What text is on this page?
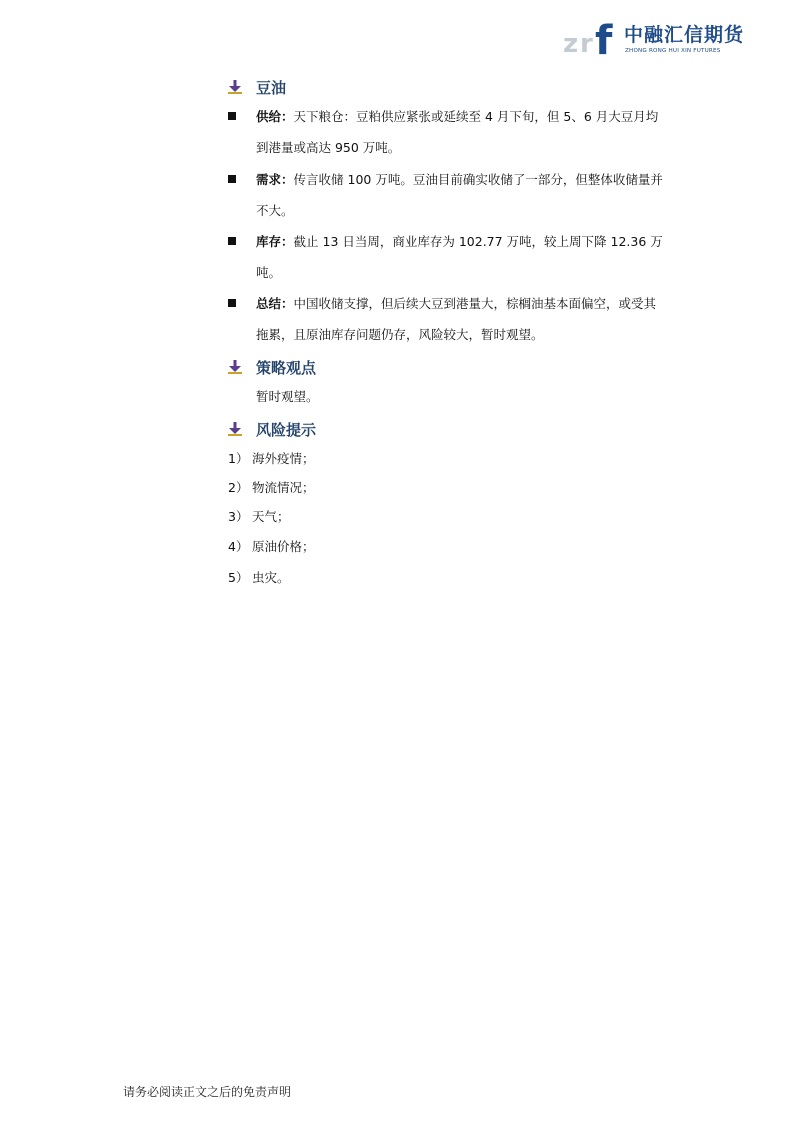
z r f 中融汇信期货
ZHONG RONG HUI XIN FUTURES
豆油
供给：天下粮仓：豆粕供应紧张或延续至 4 月下旬，但 5、6 月大豆月均到港量或高达 950 万吨。
需求：传言收储 100 万吨。豆油目前确实收储了一部分，但整体收储量并不大。
库存：截止 13 日当周，商业库存为 102.77 万吨，较上周下降 12.36 万吨。
总结：中国收储支撑，但后续大豆到港量大，棕榈油基本面偏空，或受其拖累，且原油库存问题仍存，风险较大，暂时观望。
策略观点
暂时观望。
风险提示
1） 海外疫情；
2） 物流情况；
3） 天气；
4） 原油价格；
5） 虫灾。
请务必阅读正文之后的免责声明
